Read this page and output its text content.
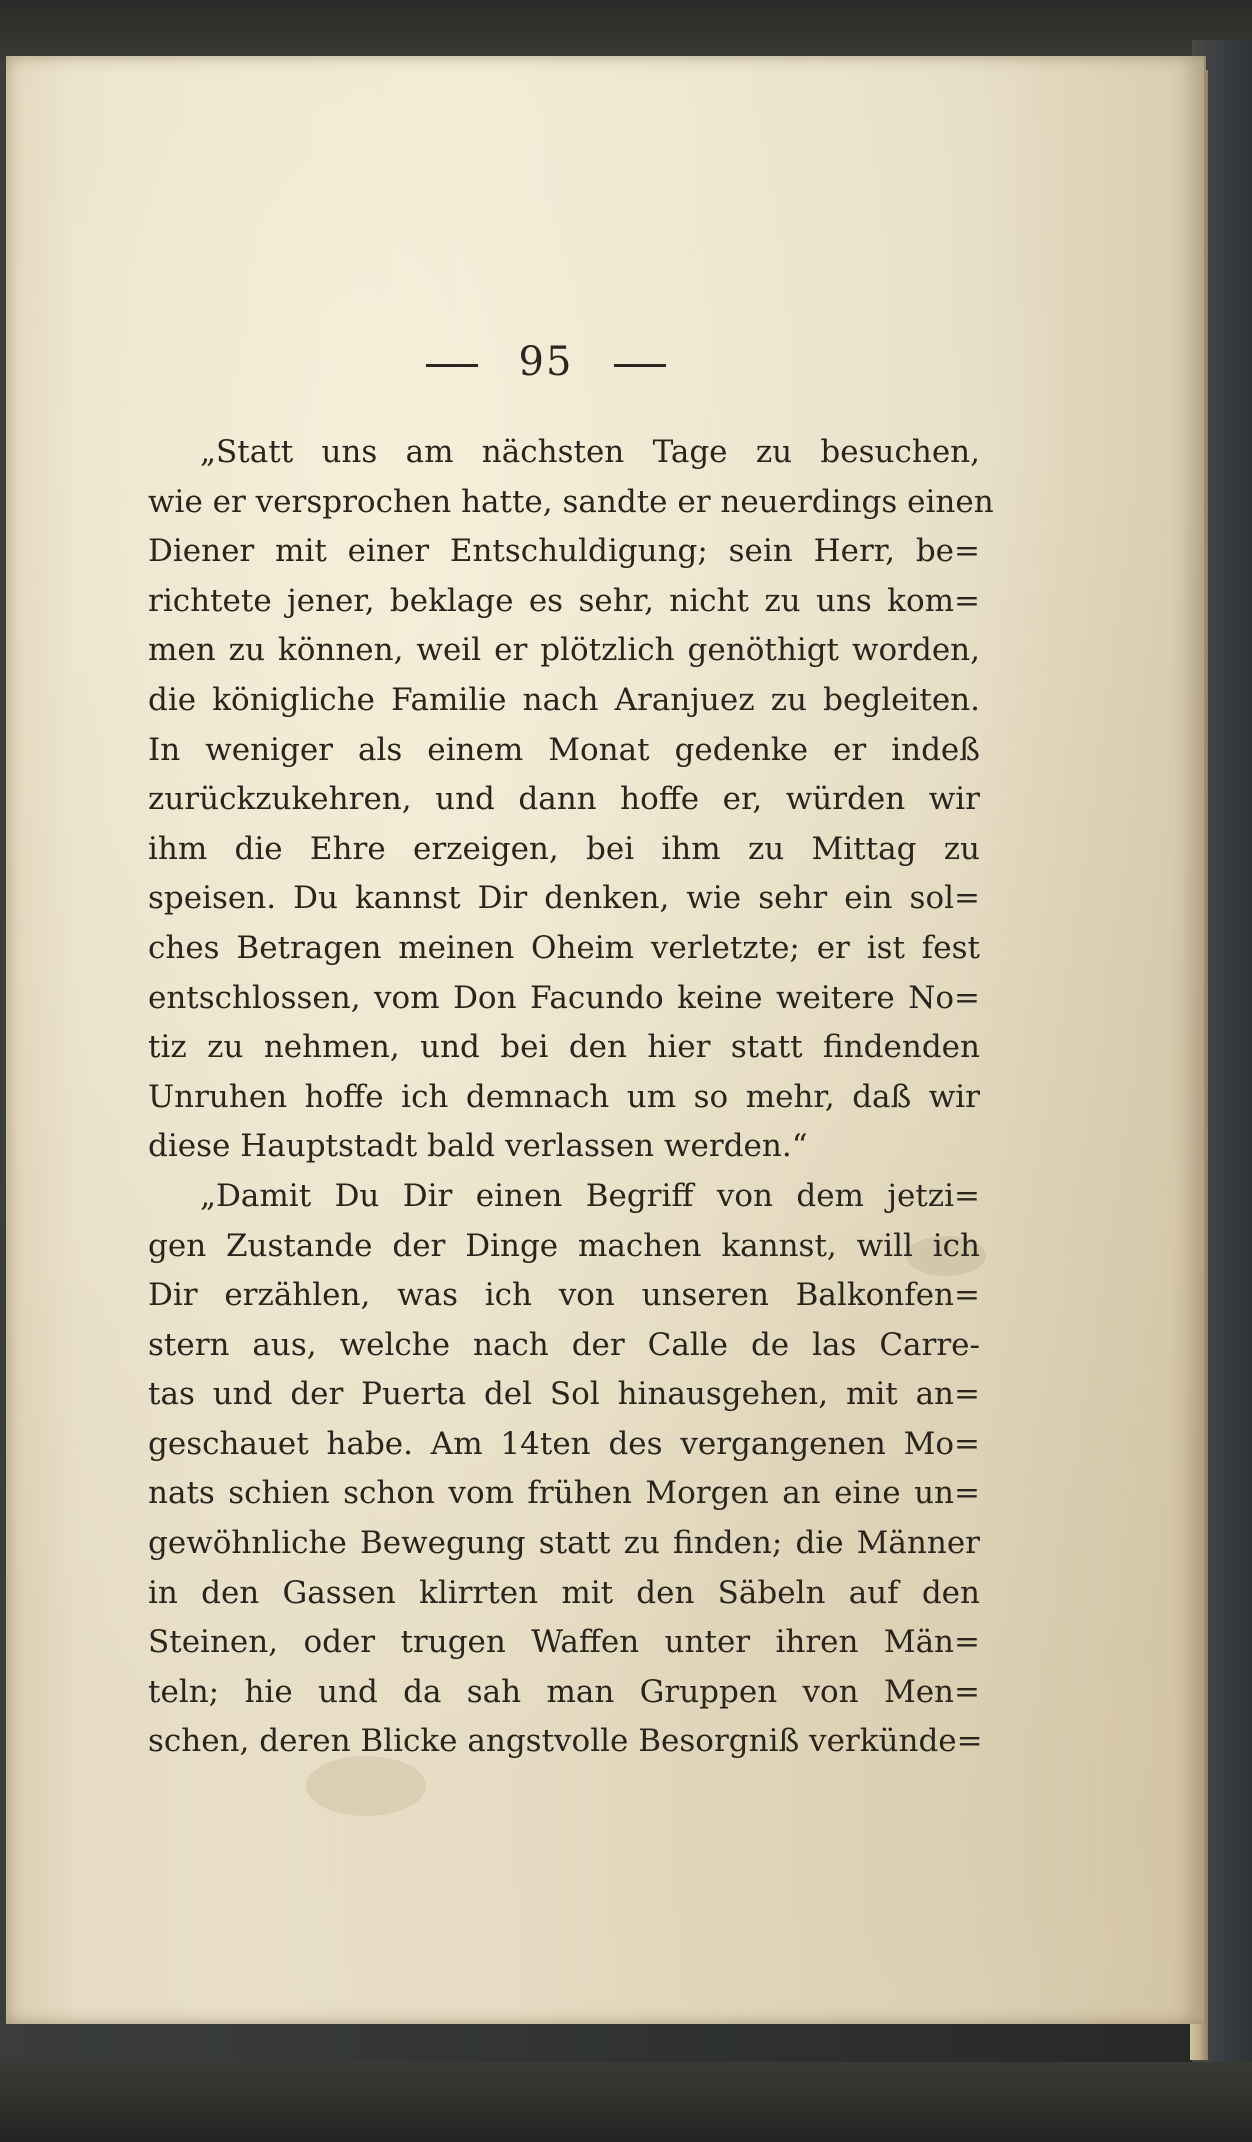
95
„Statt uns am nächsten Tage zu besuchen,
wie er versprochen hatte, sandte er neuerdings einen
Diener mit einer Entschuldigung; sein Herr, be=
richtete jener, beklage es sehr, nicht zu uns kom=
men zu können, weil er plötzlich genöthigt worden,
die königliche Familie nach Aranjuez zu begleiten.
In weniger als einem Monat gedenke er indeß
zurückzukehren, und dann hoffe er, würden wir
ihm die Ehre erzeigen, bei ihm zu Mittag zu
speisen. Du kannst Dir denken, wie sehr ein sol=
ches Betragen meinen Oheim verletzte; er ist fest
entschlossen, vom Don Facundo keine weitere No=
tiz zu nehmen, und bei den hier statt findenden
Unruhen hoffe ich demnach um so mehr, daß wir
diese Hauptstadt bald verlassen werden.“
„Damit Du Dir einen Begriff von dem jetzi=
gen Zustande der Dinge machen kannst, will ich
Dir erzählen, was ich von unseren Balkonfen=
stern aus, welche nach der Calle de las Carre-
tas und der Puerta del Sol hinausgehen, mit an=
geschauet habe. Am 14ten des vergangenen Mo=
nats schien schon vom frühen Morgen an eine un=
gewöhnliche Bewegung statt zu finden; die Männer
in den Gassen klirrten mit den Säbeln auf den
Steinen, oder trugen Waffen unter ihren Män=
teln; hie und da sah man Gruppen von Men=
schen, deren Blicke angstvolle Besorgniß verkünde=
